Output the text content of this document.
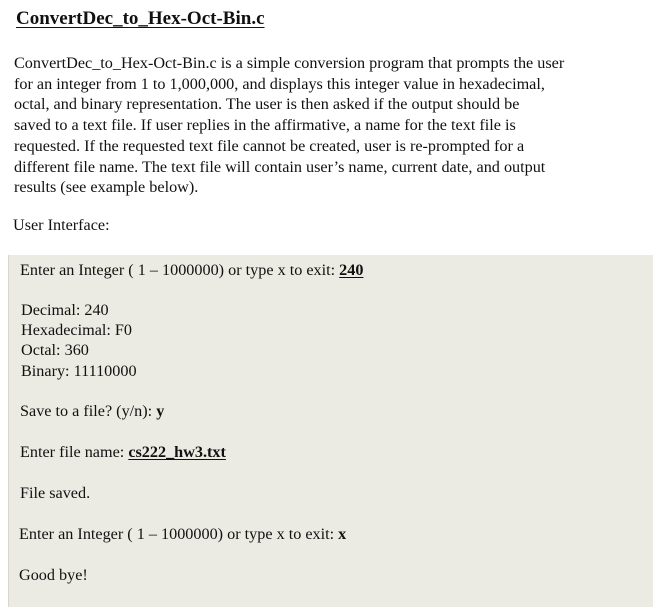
ConvertDec_to_Hex-Oct-Bin.c
ConvertDec_to_Hex-Oct-Bin.c is a simple conversion program that prompts the user
for an integer from 1 to 1,000,000, and displays this integer value in hexadecimal,
octal, and binary representation. The user is then asked if the output should be
saved to a text file. If user replies in the affirmative, a name for the text file is
requested. If the requested text file cannot be created, user is re-prompted for a
different file name. The text file will contain user’s name, current date, and output
results (see example below).
User Interface:
Enter an Integer ( 1 – 1000000) or type x to exit: 240
Decimal: 240
Hexadecimal: F0
Octal: 360
Binary: 11110000
Save to a file? (y/n): y
Enter file name: cs222_hw3.txt
File saved.
Enter an Integer ( 1 – 1000000) or type x to exit: x
Good bye!
